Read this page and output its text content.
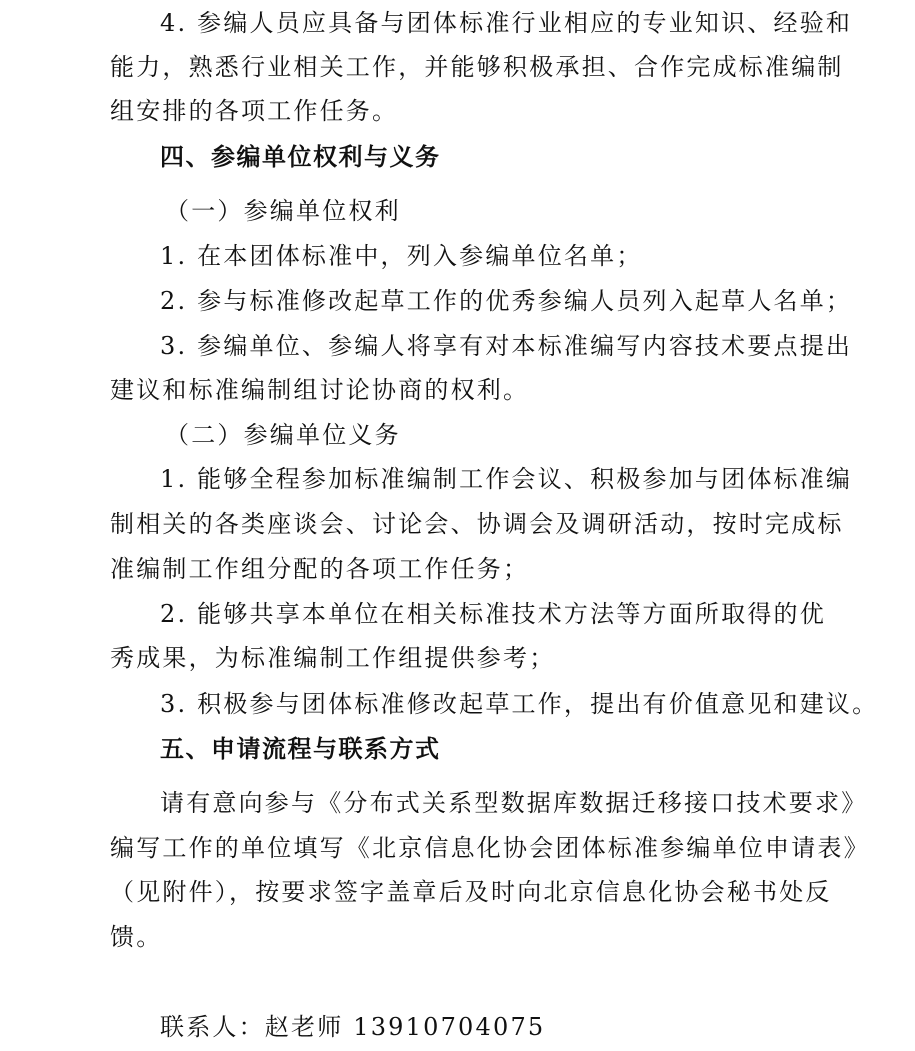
4. 参编人员应具备与团体标准行业相应的专业知识、经验和
能力，熟悉行业相关工作，并能够积极承担、合作完成标准编制
组安排的各项工作任务。
四、参编单位权利与义务
（一）参编单位权利
1. 在本团体标准中，列入参编单位名单；
2. 参与标准修改起草工作的优秀参编人员列入起草人名单；
3. 参编单位、参编人将享有对本标准编写内容技术要点提出
建议和标准编制组讨论协商的权利。
（二）参编单位义务
1. 能够全程参加标准编制工作会议、积极参加与团体标准编
制相关的各类座谈会、讨论会、协调会及调研活动，按时完成标
准编制工作组分配的各项工作任务；
2. 能够共享本单位在相关标准技术方法等方面所取得的优
秀成果，为标准编制工作组提供参考；
3. 积极参与团体标准修改起草工作，提出有价值意见和建议。
五、申请流程与联系方式
请有意向参与《分布式关系型数据库数据迁移接口技术要求》
编写工作的单位填写《北京信息化协会团体标准参编单位申请表》
（见附件），按要求签字盖章后及时向北京信息化协会秘书处反
馈。
联系人：赵老师 13910704075
